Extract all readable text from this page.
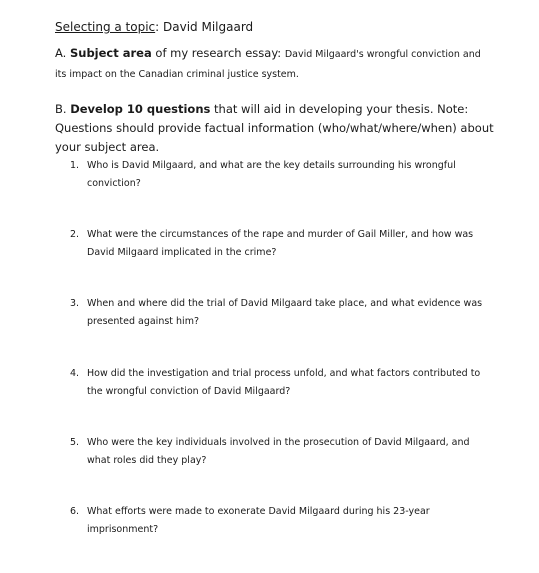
Selecting a topic: David Milgaard
A. Subject area of my research essay: David Milgaard's wrongful conviction and its impact on the Canadian criminal justice system.
B. Develop 10 questions that will aid in developing your thesis. Note: Questions should provide factual information (who/what/where/when) about your subject area.
1. Who is David Milgaard, and what are the key details surrounding his wrongful conviction?
2. What were the circumstances of the rape and murder of Gail Miller, and how was David Milgaard implicated in the crime?
3. When and where did the trial of David Milgaard take place, and what evidence was presented against him?
4. How did the investigation and trial process unfold, and what factors contributed to the wrongful conviction of David Milgaard?
5. Who were the key individuals involved in the prosecution of David Milgaard, and what roles did they play?
6. What efforts were made to exonerate David Milgaard during his 23-year imprisonment?
